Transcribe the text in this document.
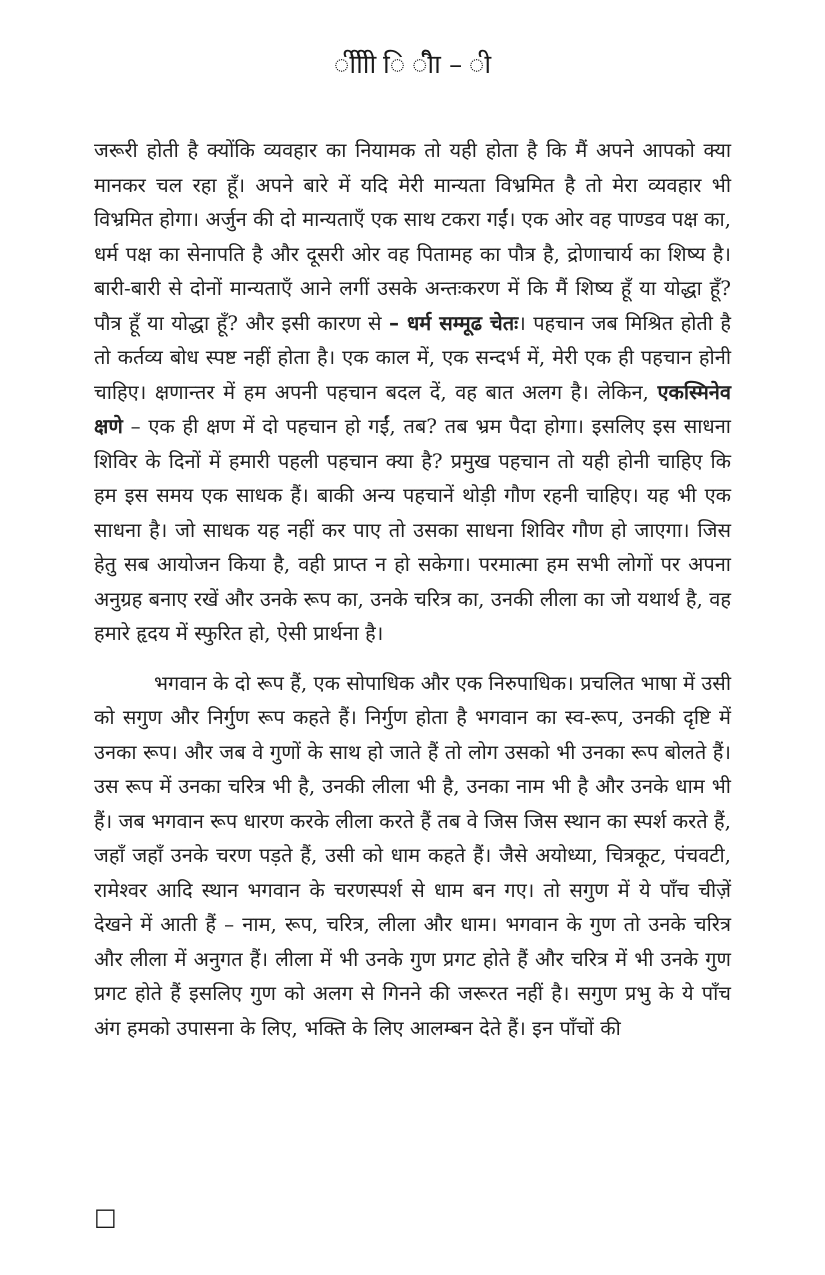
ीीीी ि ीैा – ी

जरूरी होती है क्योंकि व्यवहार का नियामक तो यही होता है कि मैं अपने आपको क्या मानकर चल रहा हूँ। अपने बारे में यदि मेरी मान्यता विभ्रमित है तो मेरा व्यवहार भी विभ्रमित होगा। अर्जुन की दो मान्यताएँ एक साथ टकरा गईं। एक ओर वह पाण्डव पक्ष का, धर्म पक्ष का सेनापति है और दूसरी ओर वह पितामह का पौत्र है, द्रोणाचार्य का शिष्य है। बारी-बारी से दोनों मान्यताएँ आने लगीं उसके अन्तःकरण में कि मैं शिष्य हूँ या योद्धा हूँ? पौत्र हूँ या योद्धा हूँ? और इसी कारण से – धर्म सम्मूढ चेतः। पहचान जब मिश्रित होती है तो कर्तव्य बोध स्पष्ट नहीं होता है। एक काल में, एक सन्दर्भ में, मेरी एक ही पहचान होनी चाहिए। क्षणान्तर में हम अपनी पहचान बदल दें, वह बात अलग है। लेकिन, एकस्मिनेव क्षणे – एक ही क्षण में दो पहचान हो गईं, तब? तब भ्रम पैदा होगा। इसलिए इस साधना शिविर के दिनों में हमारी पहली पहचान क्या है? प्रमुख पहचान तो यही होनी चाहिए कि हम इस समय एक साधक हैं। बाकी अन्य पहचानें थोड़ी गौण रहनी चाहिए। यह भी एक साधना है। जो साधक यह नहीं कर पाए तो उसका साधना शिविर गौण हो जाएगा। जिस हेतु सब आयोजन किया है, वही प्राप्त न हो सकेगा। परमात्मा हम सभी लोगों पर अपना अनुग्रह बनाए रखें और उनके रूप का, उनके चरित्र का, उनकी लीला का जो यथार्थ है, वह हमारे हृदय में स्फुरित हो, ऐसी प्रार्थना है।

भगवान के दो रूप हैं, एक सोपाधिक और एक निरुपाधिक। प्रचलित भाषा में उसी को सगुण और निर्गुण रूप कहते हैं। निर्गुण होता है भगवान का स्व-रूप, उनकी दृष्टि में उनका रूप। और जब वे गुणों के साथ हो जाते हैं तो लोग उसको भी उनका रूप बोलते हैं। उस रूप में उनका चरित्र भी है, उनकी लीला भी है, उनका नाम भी है और उनके धाम भी हैं। जब भगवान रूप धारण करके लीला करते हैं तब वे जिस जिस स्थान का स्पर्श करते हैं, जहाँ जहाँ उनके चरण पड़ते हैं, उसी को धाम कहते हैं। जैसे अयोध्या, चित्रकूट, पंचवटी, रामेश्वर आदि स्थान भगवान के चरणस्पर्श से धाम बन गए। तो सगुण में ये पाँच चीज़ें देखने में आती हैं – नाम, रूप, चरित्र, लीला और धाम। भगवान के गुण तो उनके चरित्र और लीला में अनुगत हैं। लीला में भी उनके गुण प्रगट होते हैं और चरित्र में भी उनके गुण प्रगट होते हैं इसलिए गुण को अलग से गिनने की जरूरत नहीं है। सगुण प्रभु के ये पाँच अंग हमको उपासना के लिए, भक्ति के लिए आलम्बन देते हैं। इन पाँचों की

□
